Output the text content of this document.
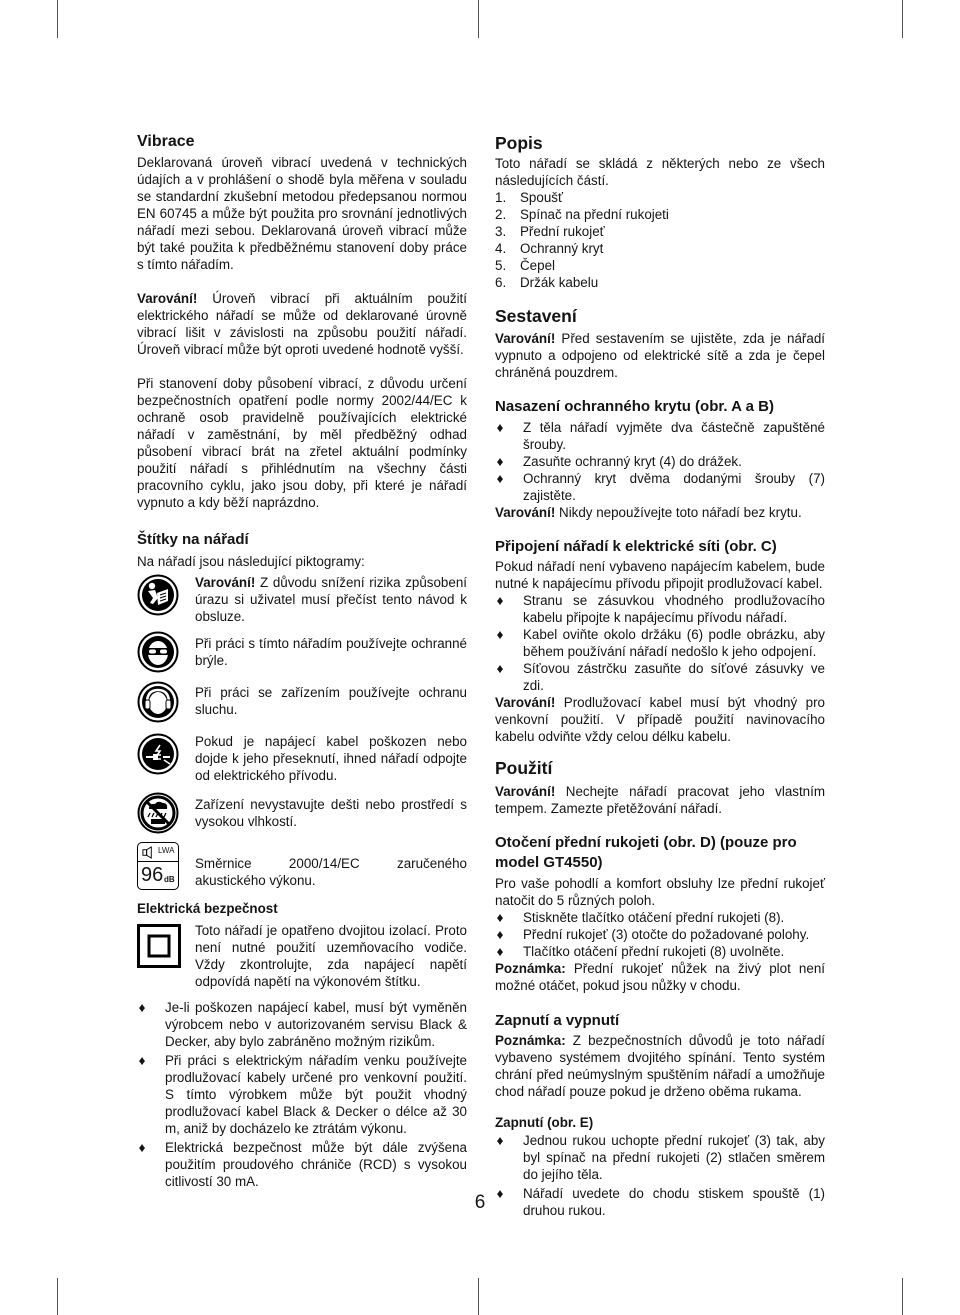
Vibrace

Deklarovaná úroveň vibrací uvedená v technických údajích a v prohlášení o shodě byla měřena v souladu se standardní zkušební metodou předepsanou normou EN 60745 a může být použita pro srovnání jednotlivých nářadí mezi sebou. Deklarovaná úroveň vibrací může být také použita k předběžnému stanovení doby práce s tímto nářadím.

Varování! Úroveň vibrací při aktuálním použití elektrického nářadí se může od deklarované úrovně vibrací lišit v závislosti na způsobu použití nářadí. Úroveň vibrací může být oproti uvedené hodnotě vyšší.

Při stanovení doby působení vibrací, z důvodu určení bezpečnostních opatření podle normy 2002/44/EC k ochraně osob pravidelně používajících elektrické nářadí v zaměstnání, by měl předběžný odhad působení vibrací brát na zřetel aktuální podmínky použití nářadí s přihlédnutím na všechny části pracovního cyklu, jako jsou doby, při které je nářadí vypnuto a kdy běží naprázdno.

Štítky na nářadí

Na nářadí jsou následující piktogramy:

Varování! Z důvodu snížení rizika způsobení úrazu si uživatel musí přečíst tento návod k obsluze.

Při práci s tímto nářadím používejte ochranné brýle.

Při práci se zařízením používejte ochranu sluchu.

Pokud je napájecí kabel poškozen nebo dojde k jeho přeseknutí, ihned nářadí odpojte od elektrického přívodu.

Zařízení nevystavujte dešti nebo prostředí s vysokou vlhkostí.

LWA
96 dB

Směrnice 2000/14/EC zaručeného akustického výkonu.

Elektrická bezpečnost

Toto nářadí je opatřeno dvojitou izolací. Proto není nutné použití uzemňovacího vodiče. Vždy zkontrolujte, zda napájecí napětí odpovídá napětí na výkonovém štítku.

♦ Je-li poškozen napájecí kabel, musí být vyměněn výrobcem nebo v autorizovaném servisu Black & Decker, aby bylo zabráněno možným rizikům.
♦ Při práci s elektrickým nářadím venku používejte prodlužovací kabely určené pro venkovní použití. S tímto výrobkem může být použit vhodný prodlužovací kabel Black & Decker o délce až 30 m, aniž by docházelo ke ztrátám výkonu.
♦ Elektrická bezpečnost může být dále zvýšena použitím proudového chrániče (RCD) s vysokou citlivostí 30 mA.
Popis

Toto nářadí se skládá z některých nebo ze všech následujících částí.

1.	Spoušť
2.	Spínač na přední rukojeti
3.	Přední rukojeť
4.	Ochranný kryt
5.	Čepel
6.	Držák kabelu
Sestavení

Varování! Před sestavením se ujistěte, zda je nářadí vypnuto a odpojeno od elektrické sítě a zda je čepel chráněná pouzdrem.

Nasazení ochranného krytu (obr. A a B)
♦ Z těla nářadí vyjměte dva částečně zapuštěné šrouby.
♦ Zasuňte ochranný kryt (4) do drážek.
♦ Ochranný kryt dvěma dodanými šrouby (7) zajistěte.

Varování! Nikdy nepoužívejte toto nářadí bez krytu.

Připojení nářadí k elektrické síti (obr. C)

Pokud nářadí není vybaveno napájecím kabelem, bude nutné k napájecímu přívodu připojit prodlužovací kabel.

♦ Stranu se zásuvkou vhodného prodlužovacího kabelu připojte k napájecímu přívodu nářadí.
♦ Kabel oviňte okolo držáku (6) podle obrázku, aby během používání nářadí nedošlo k jeho odpojení.
♦ Síťovou zástrčku zasuňte do síťové zásuvky ve zdi.

Varování! Prodlužovací kabel musí být vhodný pro venkovní použití. V případě použití navinovacího kabelu odviňte vždy celou délku kabelu.

Použití

Varování! Nechejte nářadí pracovat jeho vlastním tempem. Zamezte přetěžování nářadí.

Otočení přední rukojeti (obr. D) (pouze pro model GT4550)

Pro vaše pohodlí a komfort obsluhy lze přední rukojeť natočit do 5 různých poloh.

♦ Stiskněte tlačítko otáčení přední rukojeti (8).
♦ Přední rukojeť (3) otočte do požadované polohy.
♦ Tlačítko otáčení přední rukojeti (8) uvolněte.

Poznámka: Přední rukojeť nůžek na živý plot není možné otáčet, pokud jsou nůžky v chodu.

Zapnutí a vypnutí

Poznámka: Z bezpečnostních důvodů je toto nářadí vybaveno systémem dvojitého spínání. Tento systém chrání před neúmyslným spuštěním nářadí a umožňuje chod nářadí pouze pokud je drženo oběma rukama.

Zapnutí (obr. E)

♦ Jednou rukou uchopte přední rukojeť (3) tak, aby byl spínač na přední rukojeti (2) stlačen směrem do jejího těla.
♦ Nářadí uvedete do chodu stiskem spouště (1) druhou rukou.
6
